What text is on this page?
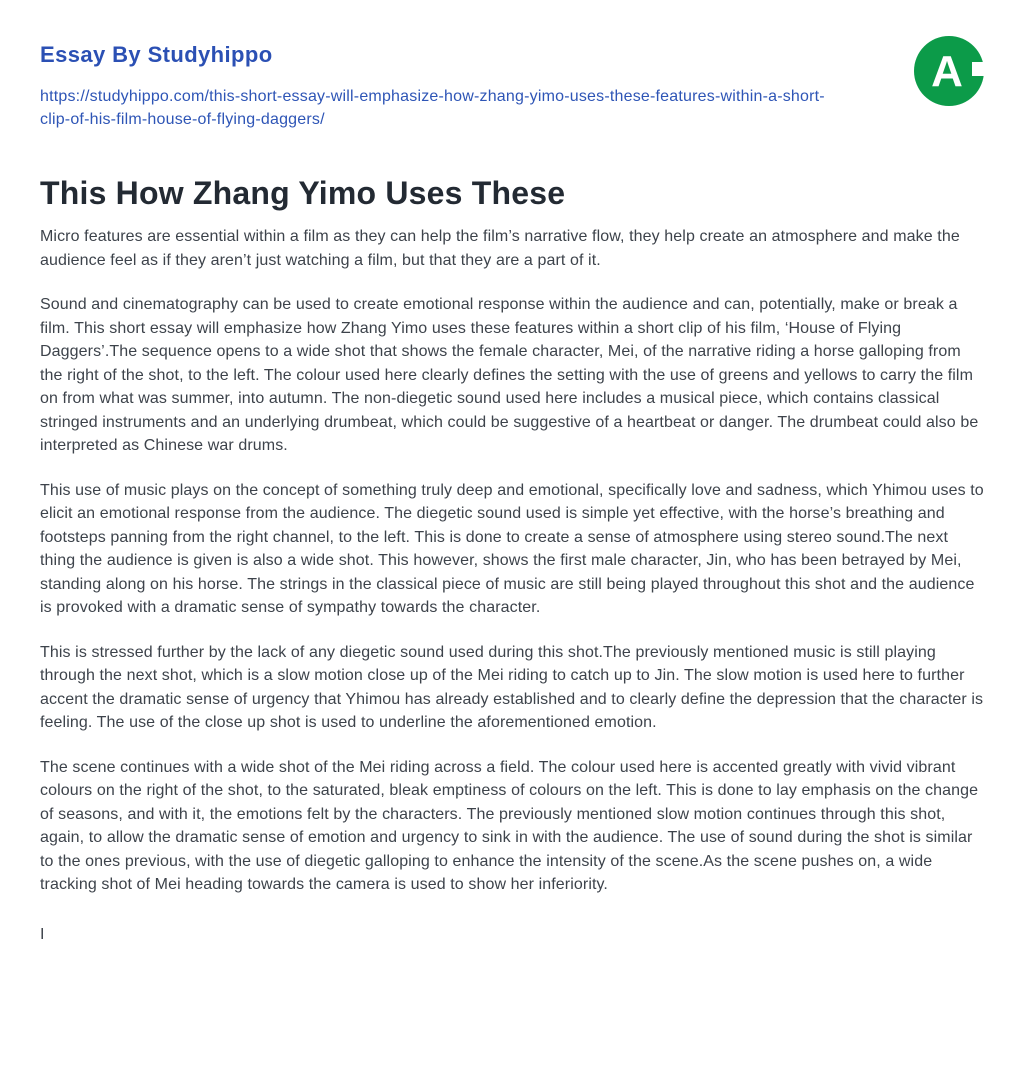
Essay By Studyhippo
https://studyhippo.com/this-short-essay-will-emphasize-how-zhang-yimo-uses-these-features-within-a-short-clip-of-his-film-house-of-flying-daggers/
A
This How Zhang Yimo Uses These

Micro features are essential within a film as they can help the film’s narrative flow, they help create an atmosphere and make the audience feel as if they aren’t just watching a film, but that they are a part of it.

Sound and cinematography can be used to create emotional response within the audience and can, potentially, make or break a film. This short essay will emphasize how Zhang Yimo uses these features within a short clip of his film, ‘House of Flying Daggers’.The sequence opens to a wide shot that shows the female character, Mei, of the narrative riding a horse galloping from the right of the shot, to the left. The colour used here clearly defines the setting with the use of greens and yellows to carry the film on from what was summer, into autumn. The non-diegetic sound used here includes a musical piece, which contains classical stringed instruments and an underlying drumbeat, which could be suggestive of a heartbeat or danger. The drumbeat could also be interpreted as Chinese war drums.

This use of music plays on the concept of something truly deep and emotional, specifically love and sadness, which Yhimou uses to elicit an emotional response from the audience. The diegetic sound used is simple yet effective, with the horse’s breathing and footsteps panning from the right channel, to the left. This is done to create a sense of atmosphere using stereo sound.The next thing the audience is given is also a wide shot. This however, shows the first male character, Jin, who has been betrayed by Mei, standing along on his horse. The strings in the classical piece of music are still being played throughout this shot and the audience is provoked with a dramatic sense of sympathy towards the character.

This is stressed further by the lack of any diegetic sound used during this shot.The previously mentioned music is still playing through the next shot, which is a slow motion close up of the Mei riding to catch up to Jin. The slow motion is used here to further accent the dramatic sense of urgency that Yhimou has already established and to clearly define the depression that the character is feeling. The use of the close up shot is used to underline the aforementioned emotion.

The scene continues with a wide shot of the Mei riding across a field. The colour used here is accented greatly with vivid vibrant colours on the right of the shot, to the saturated, bleak emptiness of colours on the left. This is done to lay emphasis on the change of seasons, and with it, the emotions felt by the characters. The previously mentioned slow motion continues through this shot, again, to allow the dramatic sense of emotion and urgency to sink in with the audience. The use of sound during the shot is similar to the ones previous, with the use of diegetic galloping to enhance the intensity of the scene.As the scene pushes on, a wide tracking shot of Mei heading towards the camera is used to show her inferiority.

I
